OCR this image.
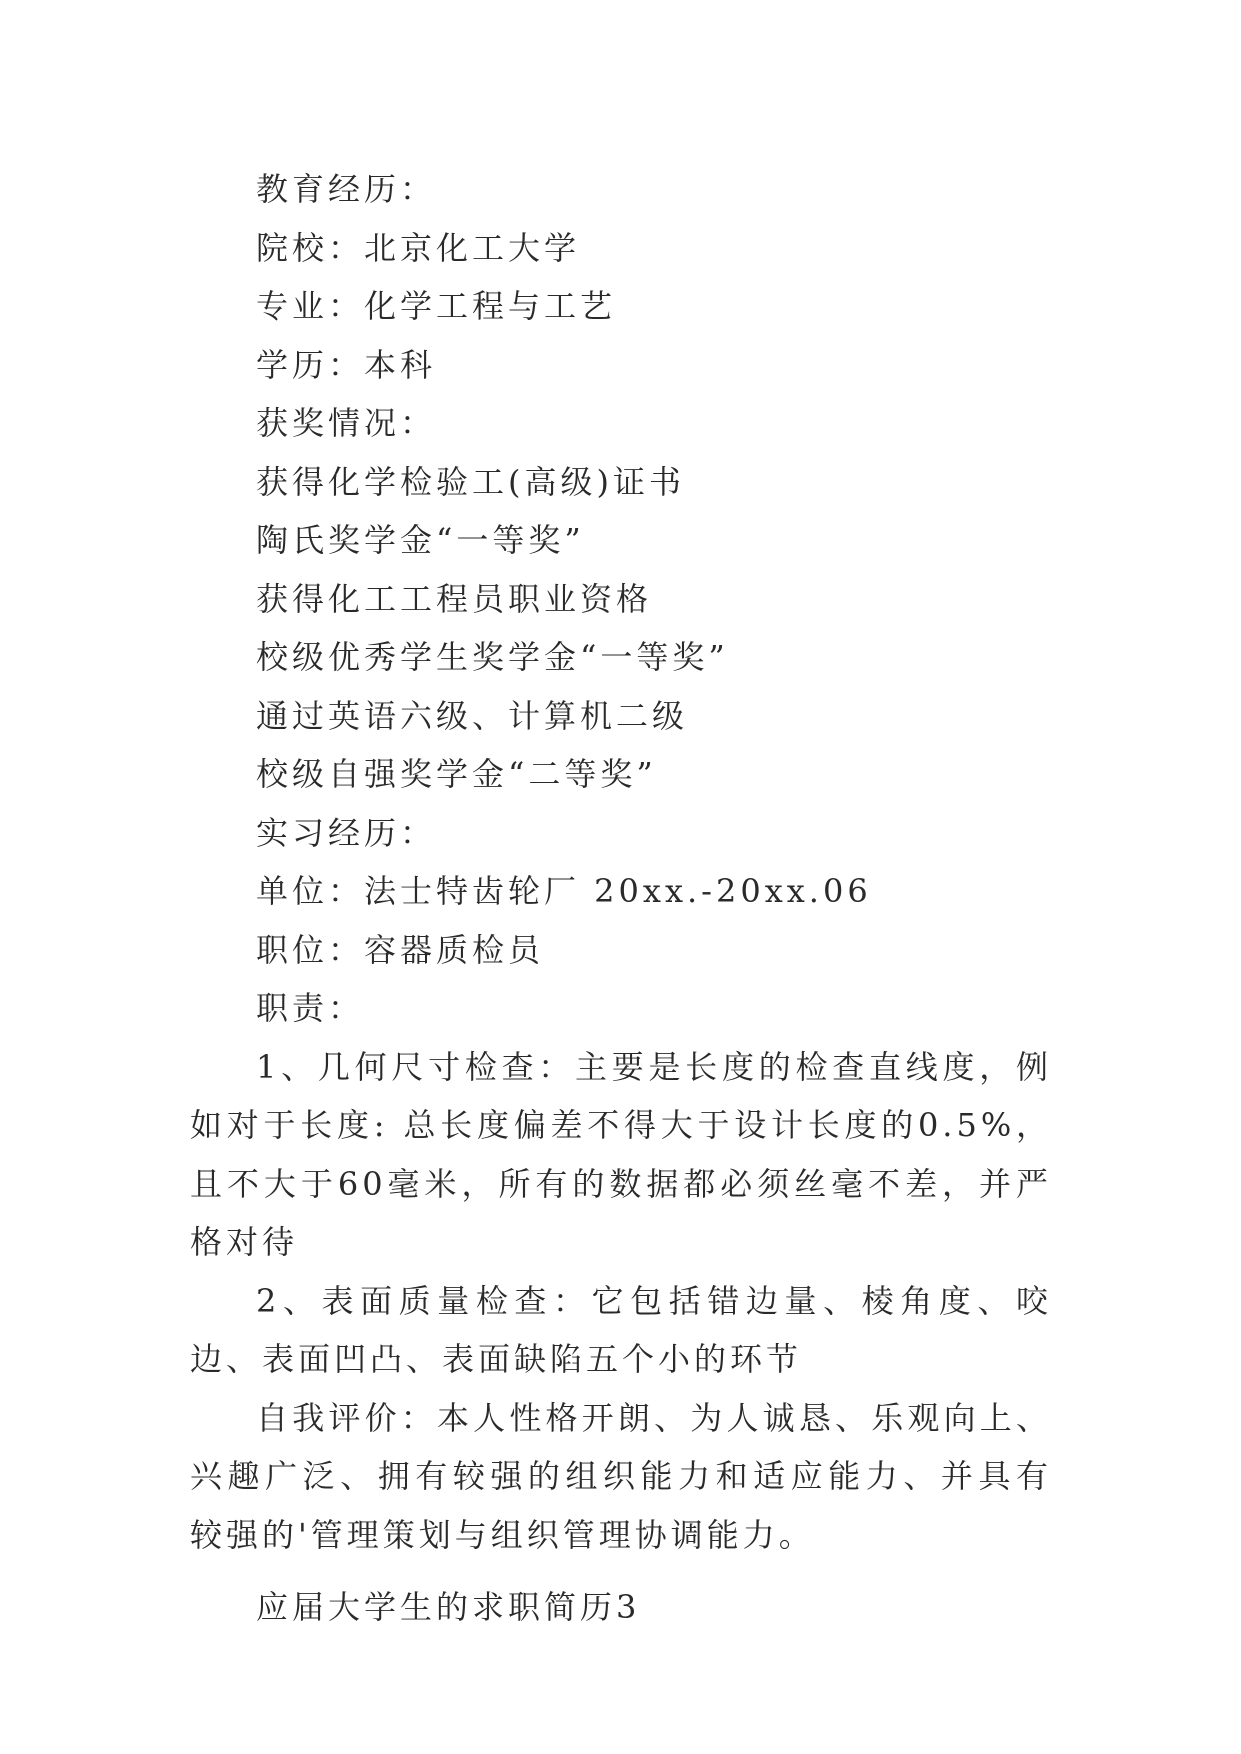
教育经历：

院校：北京化工大学

专业：化学工程与工艺

学历：本科

获奖情况：

获得化学检验工(高级)证书

陶氏奖学金“一等奖”

获得化工工程员职业资格

校级优秀学生奖学金“一等奖”

通过英语六级、计算机二级

校级自强奖学金“二等奖”

实习经历：

单位：法士特齿轮厂 20xx.-20xx.06

职位：容器质检员

职责：

1、几何尺寸检查：主要是长度的检查直线度，例如对于长度: 总长度偏差不得大于设计长度的0.5%，且不大于60毫米，所有的数据都必须丝毫不差，并严格对待

2、表面质量检查：它包括错边量、棱角度、咬边、表面凹凸、表面缺陷五个小的环节

自我评价：本人性格开朗、为人诚恳、乐观向上、兴趣广泛、拥有较强的组织能力和适应能力、并具有较强的'管理策划与组织管理协调能力。

应届大学生的求职简历3
